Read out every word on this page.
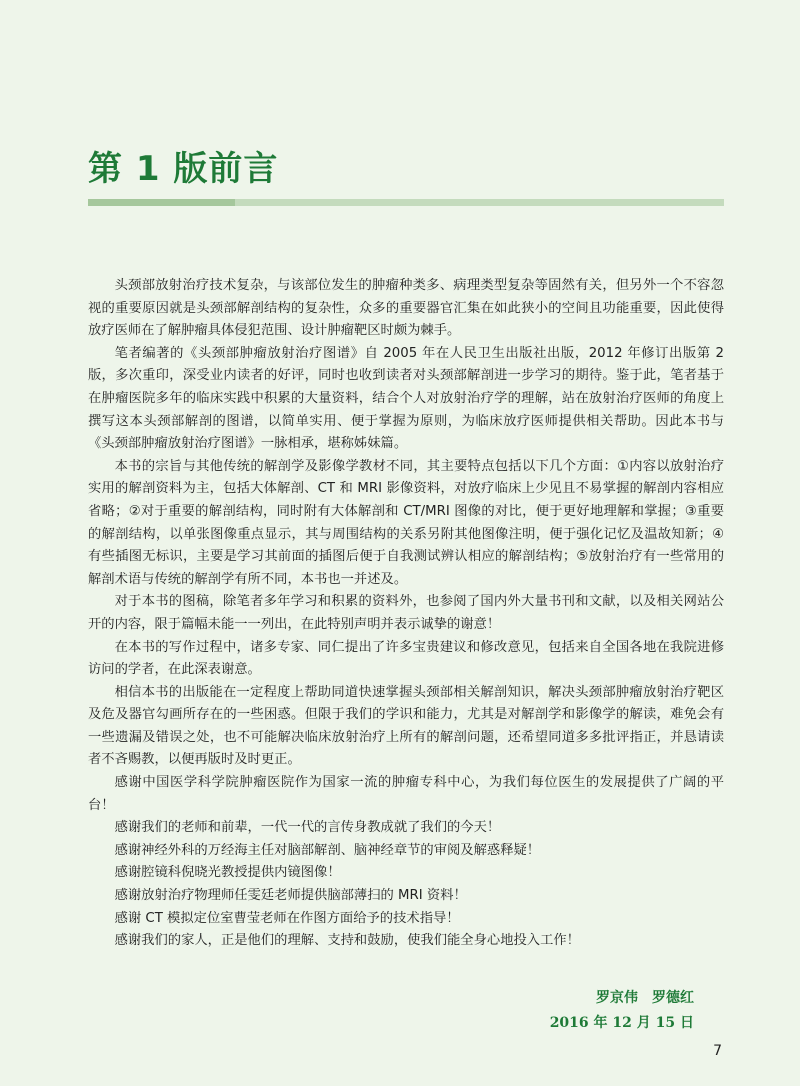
第 1 版前言

头颈部放射治疗技术复杂，与该部位发生的肿瘤种类多、病理类型复杂等固然有关，但另外一个不容忽视的重要原因就是头颈部解剖结构的复杂性，众多的重要器官汇集在如此狭小的空间且功能重要，因此使得放疗医师在了解肿瘤具体侵犯范围、设计肿瘤靶区时颇为棘手。

笔者编著的《头颈部肿瘤放射治疗图谱》自 2005 年在人民卫生出版社出版，2012 年修订出版第 2 版，多次重印，深受业内读者的好评，同时也收到读者对头颈部解剖进一步学习的期待。鉴于此，笔者基于在肿瘤医院多年的临床实践中积累的大量资料，结合个人对放射治疗学的理解，站在放射治疗医师的角度上撰写这本头颈部解剖的图谱，以简单实用、便于掌握为原则，为临床放疗医师提供相关帮助。因此本书与《头颈部肿瘤放射治疗图谱》一脉相承，堪称姊妹篇。

本书的宗旨与其他传统的解剖学及影像学教材不同，其主要特点包括以下几个方面：①内容以放射治疗实用的解剖资料为主，包括大体解剖、CT 和 MRI 影像资料，对放疗临床上少见且不易掌握的解剖内容相应省略；②对于重要的解剖结构，同时附有大体解剖和 CT/MRI 图像的对比，便于更好地理解和掌握；③重要的解剖结构，以单张图像重点显示，其与周围结构的关系另附其他图像注明，便于强化记忆及温故知新；④有些插图无标识，主要是学习其前面的插图后便于自我测试辨认相应的解剖结构；⑤放射治疗有一些常用的解剖术语与传统的解剖学有所不同，本书也一并述及。

对于本书的图稿，除笔者多年学习和积累的资料外，也参阅了国内外大量书刊和文献，以及相关网站公开的内容，限于篇幅未能一一列出，在此特别声明并表示诚挚的谢意！

在本书的写作过程中，诸多专家、同仁提出了许多宝贵建议和修改意见，包括来自全国各地在我院进修访问的学者，在此深表谢意。

相信本书的出版能在一定程度上帮助同道快速掌握头颈部相关解剖知识，解决头颈部肿瘤放射治疗靶区及危及器官勾画所存在的一些困惑。但限于我们的学识和能力，尤其是对解剖学和影像学的解读，难免会有一些遗漏及错误之处，也不可能解决临床放射治疗上所有的解剖问题，还希望同道多多批评指正，并恳请读者不吝赐教，以便再版时及时更正。

感谢中国医学科学院肿瘤医院作为国家一流的肿瘤专科中心，为我们每位医生的发展提供了广阔的平台！

感谢我们的老师和前辈，一代一代的言传身教成就了我们的今天！

感谢神经外科的万经海主任对脑部解剖、脑神经章节的审阅及解惑释疑！

感谢腔镜科倪晓光教授提供内镜图像！

感谢放射治疗物理师任雯廷老师提供脑部薄扫的 MRI 资料！

感谢 CT 模拟定位室曹莹老师在作图方面给予的技术指导！

感谢我们的家人，正是他们的理解、支持和鼓励，使我们能全身心地投入工作！

罗京伟　罗德红
2016 年 12 月 15 日
7
